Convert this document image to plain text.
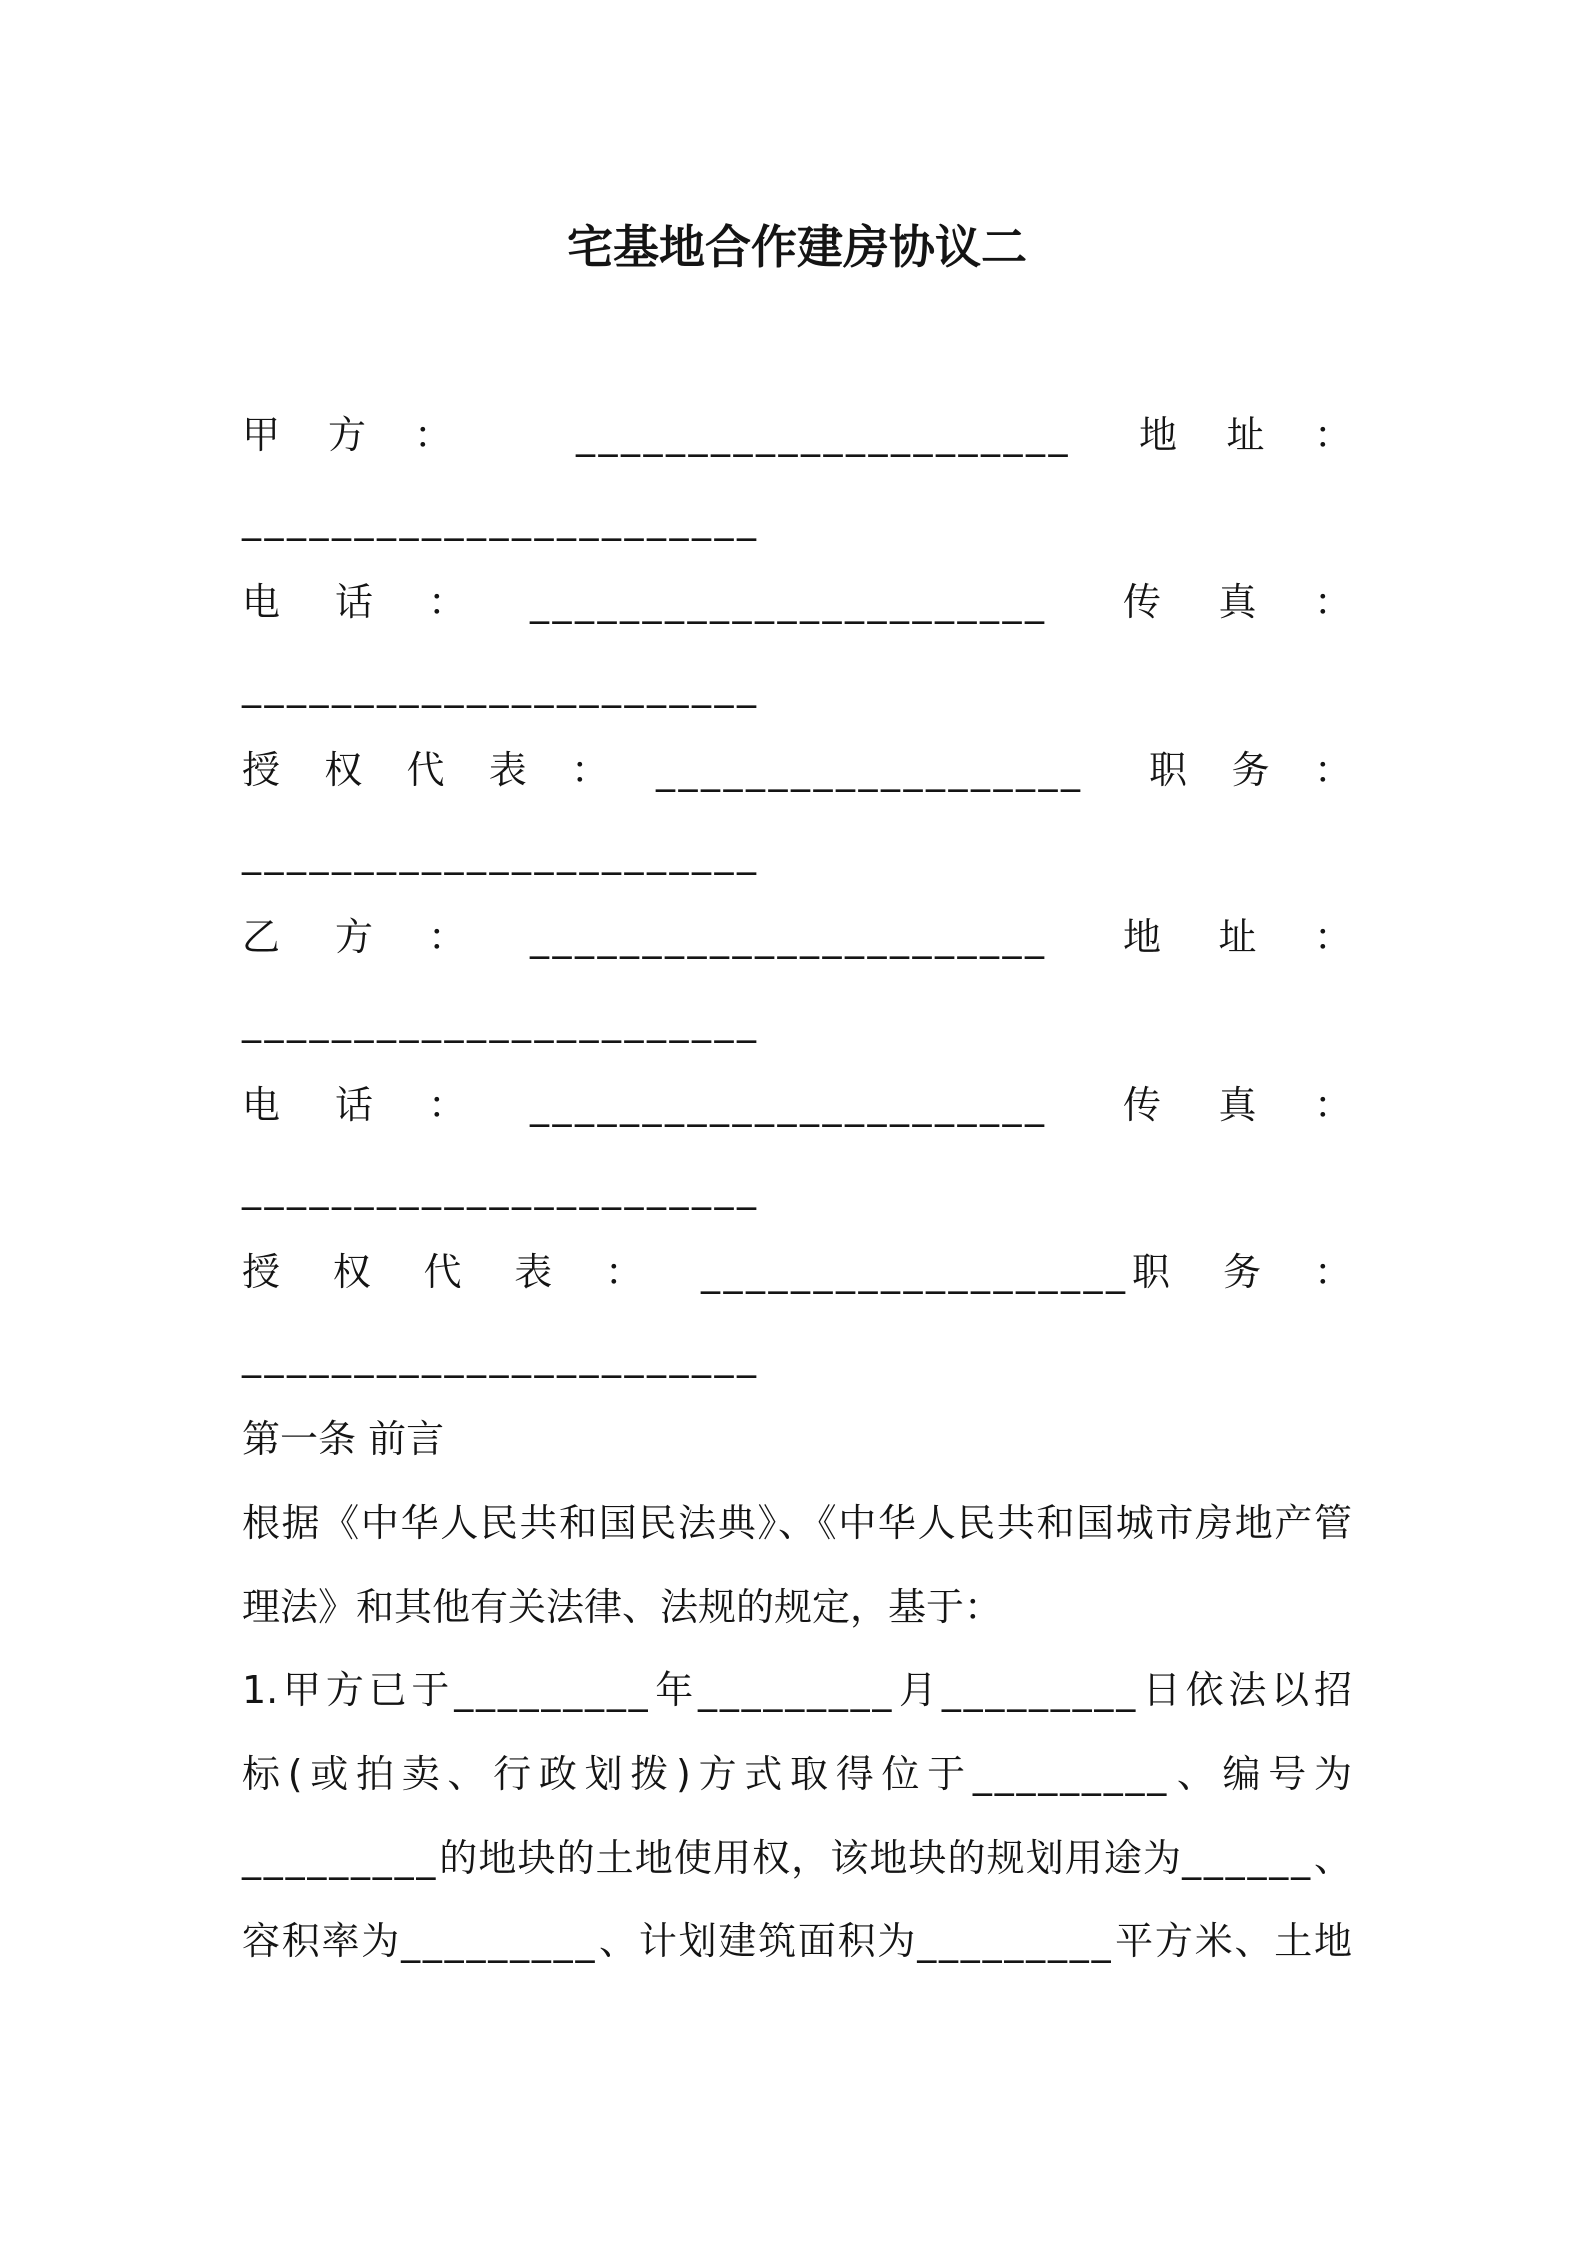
宅基地合作建房协议二
甲方：	______________________ 地址：
_______________________
电话： _______________________ 传真：
_______________________
授权代表： ___________________ 职务：
_______________________
乙方： _______________________ 地址：
_______________________
电话： _______________________ 传真：
_______________________
授权代表： ___________________ 职务：
_______________________
第一条 前言
根据《中华人民共和国民法典》、《中华人民共和国城市房地产管
理法》和其他有关法律、法规的规定，基于：
1.甲方已于_________年_________月_________日依法以招
标(或拍卖、行政划拨)方式取得位于_________、编号为
_________的地块的土地使用权，该地块的规划用途为______、
容积率为_________、计划建筑面积为_________平方米、土地
